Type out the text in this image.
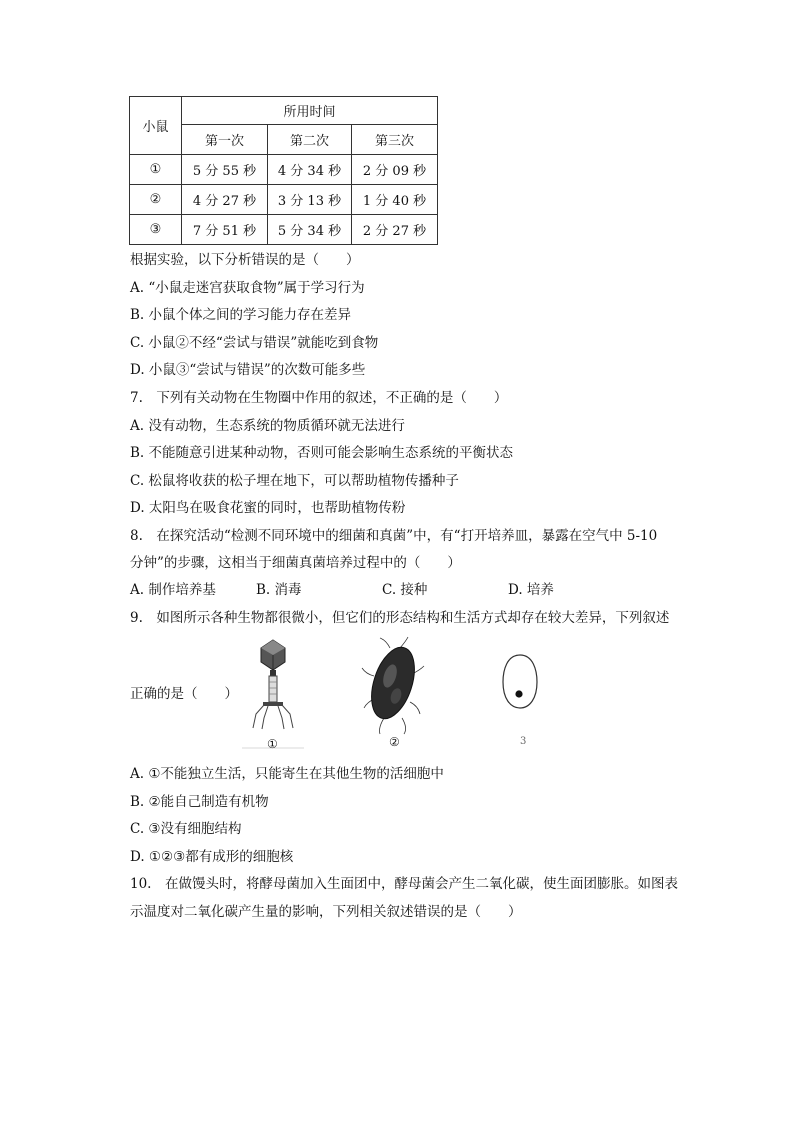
小鼠	所用时间		
	第一次	第二次	第三次
①	5 分 55 秒	4 分 34 秒	2 分 09 秒
②	4 分 27 秒	3 分 13 秒	1 分 40 秒
③	7 分 51 秒	5 分 34 秒	2 分 27 秒
根据实验，以下分析错误的是（　　）
A. “小鼠走迷宫获取食物”属于学习行为
B. 小鼠个体之间的学习能力存在差异
C. 小鼠②不经“尝试与错误”就能吃到食物
D. 小鼠③“尝试与错误”的次数可能多些
7.　下列有关动物在生物圈中作用的叙述，不正确的是（　　）
A. 没有动物，生态系统的物质循环就无法进行
B. 不能随意引进某种动物，否则可能会影响生态系统的平衡状态
C. 松鼠将收获的松子埋在地下，可以帮助植物传播种子
D. 太阳鸟在吸食花蜜的同时，也帮助植物传粉
8.　在探究活动“检测不同环境中的细菌和真菌”中，有“打开培养皿，暴露在空气中 5-10
分钟”的步骤，这相当于细菌真菌培养过程中的（　　）
A. 制作培养基	B. 消毒	C. 接种	D. 培养
9.　如图所示各种生物都很微小，但它们的形态结构和生活方式却存在较大差异，下列叙述
正确的是（　　）
①	②	3
A. ①不能独立生活，只能寄生在其他生物的活细胞中
B. ②能自己制造有机物
C. ③没有细胞结构
D. ①②③都有成形的细胞核
10.　在做馒头时，将酵母菌加入生面团中，酵母菌会产生二氧化碳，使生面团膨胀。如图表
示温度对二氧化碳产生量的影响，下列相关叙述错误的是（　　）
